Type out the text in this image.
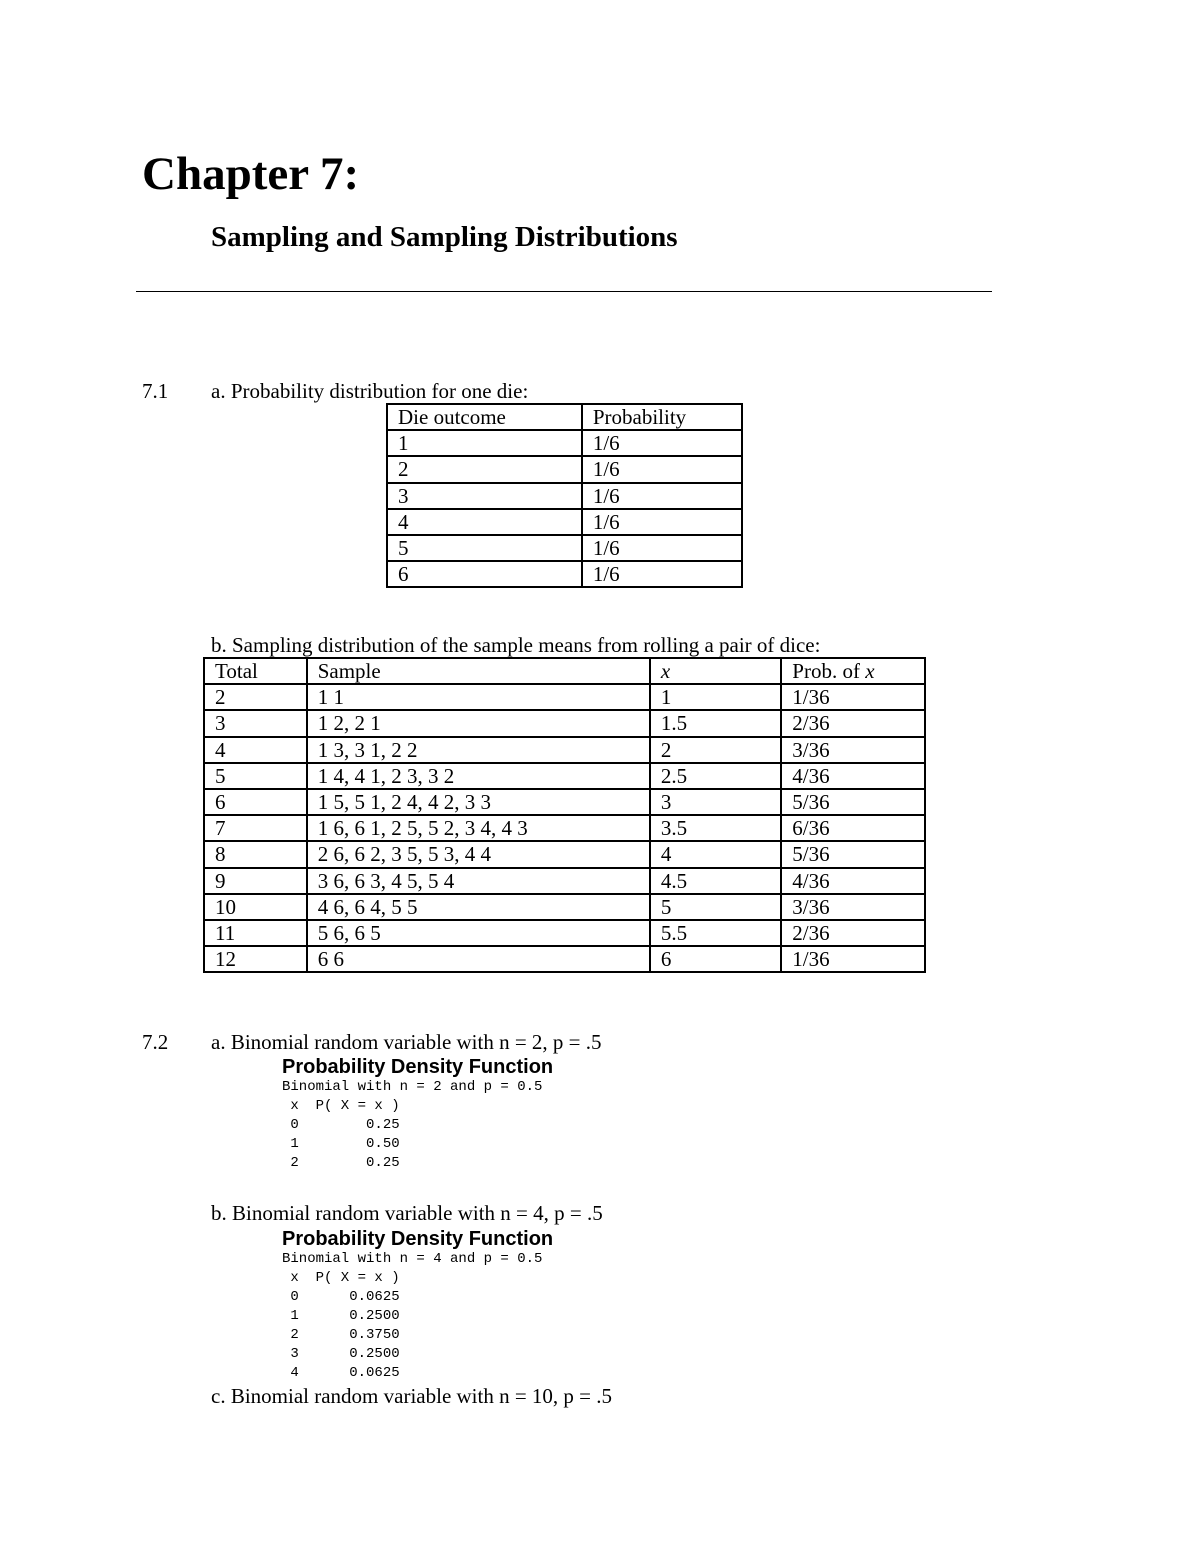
Chapter 7:
Sampling and Sampling Distributions
7.1 a. Probability distribution for one die:
Die outcome	Probability
1	1/6
2	1/6
3	1/6
4	1/6
5	1/6
6	1/6
b. Sampling distribution of the sample means from rolling a pair of dice:
Total	Sample	$\overline{x}$	Prob. of $\overline{x}$
2	1 1	1	1/36
3	1 2, 2 1	1.5	2/36
4	1 3, 3 1, 2 2	2	3/36
5	1 4, 4 1, 2 3, 3 2	2.5	4/36
6	1 5, 5 1, 2 4, 4 2, 3 3	3	5/36
7	1 6, 6 1, 2 5, 5 2, 3 4, 4 3	3.5	6/36
8	2 6, 6 2, 3 5, 5 3, 4 4	4	5/36
9	3 6, 6 3, 4 5, 5 4	4.5	4/36
10	4 6, 6 4, 5 5	5	3/36
11	5 6, 6 5	5.5	2/36
12	6 6	6	1/36
7.2 a. Binomial random variable with n = 2, p = .5
Probability Density Function
Binomial with n = 2 and p = 0.5
x  P( X = x )
0        0.25
1        0.50
2        0.25
b. Binomial random variable with n = 4, p = .5
Probability Density Function
Binomial with n = 4 and p = 0.5
x  P( X = x )
0      0.0625
1      0.2500
2      0.3750
3      0.2500
4      0.0625
c. Binomial random variable with n = 10, p = .5
